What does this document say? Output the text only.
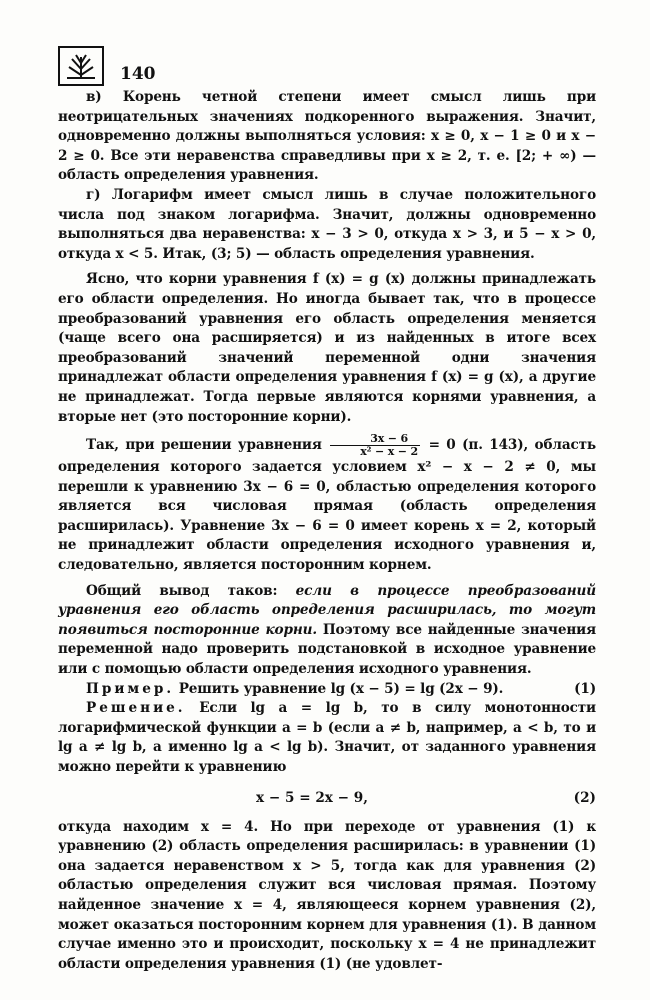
140

в) Корень четной степени имеет смысл лишь при неотрицательных значениях подкоренного выражения. Значит, одновременно должны выполняться условия: x ≥ 0, x − 1 ≥ 0 и x − 2 ≥ 0. Все эти неравенства справедливы при x ≥ 2, т. е. [2; + ∞) — область определения уравнения.

г) Логарифм имеет смысл лишь в случае положительного числа под знаком логарифма. Значит, должны одновременно выполняться два неравенства: x − 3 > 0, откуда x > 3, и 5 − x > 0, откуда x < 5. Итак, (3; 5) — область определения уравнения.

Ясно, что корни уравнения f (x) = g (x) должны принадлежать его области определения. Но иногда бывает так, что в процессе преобразований уравнения его область определения меняется (чаще всего она расширяется) и из найденных в итоге всех преобразований значений переменной одни значения принадлежат области определения уравнения f (x) = g (x), а другие не принадлежат. Тогда первые являются корнями уравнения, а вторые нет (это посторонние корни).

Так, при решении уравнения $\frac{3x - 6}{\text{x² − x − 2}} = 0$ (п. 143), область определения которого задается условием x² − x − 2 ≠ 0, мы перешли к уравнению 3x − 6 = 0, областью определения которого является вся числовая прямая (область определения расширилась). Уравнение 3x − 6 = 0 имеет корень x = 2, который не принадлежит области определения исходного уравнения и, следовательно, является посторонним корнем.

Общий вывод таков: если в процессе преобразований уравнения его область определения расширилась, то могут появиться посторонние корни. Поэтому все найденные значения переменной надо проверить подстановкой в исходное уравнение или с помощью области определения исходного уравнения.

Пример. Решить уравнение lg (x − 5) = lg (2x − 9).	(1)

Решение. Если lg a = lg b, то в силу монотонности логарифмической функции a = b (если a ≠ b, например, a < b, то и lg a ≠ lg b, а именно lg a < lg b). Значит, от заданного уравнения можно перейти к уравнению

x − 5 = 2x − 9,	(2)

откуда находим x = 4. Но при переходе от уравнения (1) к уравнению (2) область определения расширилась: в уравнении (1) она задается неравенством x > 5, тогда как для уравнения (2) областью определения служит вся числовая прямая. Поэтому найденное значение x = 4, являющееся корнем уравнения (2), может оказаться посторонним корнем для уравнения (1). В данном случае именно это и происходит, поскольку x = 4 не принадлежит области определения уравнения (1) (не удовлет-
